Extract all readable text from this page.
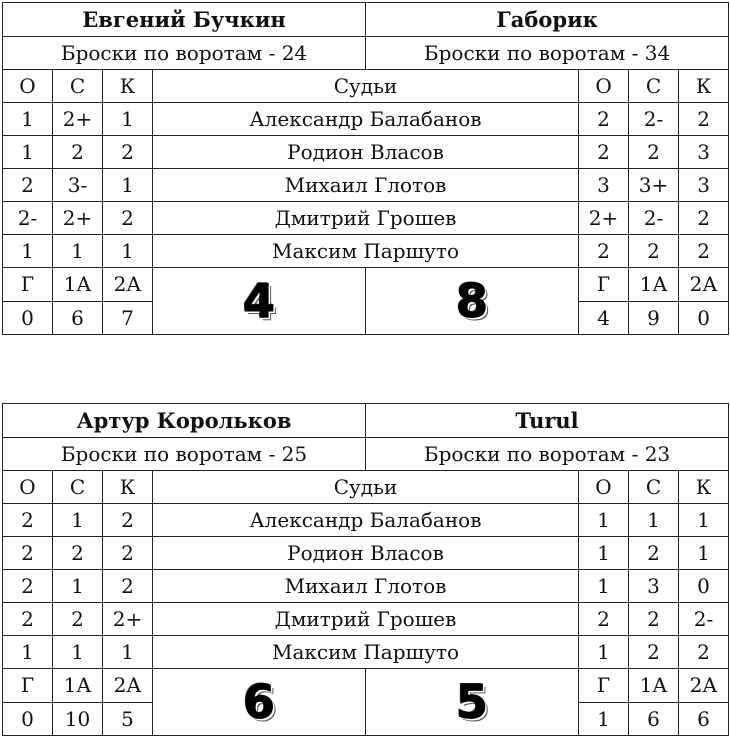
Евгений Бучкин				Габорик			
Броски по воротам - 24				Броски по воротам - 34			
О	С	К	Судьи		О	С	К
1	2+	1	Александр Балабанов		2	2-	2
1	2	2	Родион Власов		2	2	3
2	3-	1	Михаил Глотов		3	3+	3
2-	2+	2	Дмитрий Грошев		2+	2-	2
1	1	1	Максим Паршуто		2	2	2
Г	1А	2А	4	8	Г	1А	2А
0	6	7			4	9	0
Артур Корольков				Turul			
Броски по воротам - 25				Броски по воротам - 23			
О	С	К	Судьи		О	С	К
2	1	2	Александр Балабанов		1	1	1
2	2	2	Родион Власов		1	2	1
2	1	2	Михаил Глотов		1	3	0
2	2	2+	Дмитрий Грошев		2	2	2-
1	1	1	Максим Паршуто		1	2	2
Г	1А	2А	6	5	Г	1А	2А
0	10	5			1	6	6
